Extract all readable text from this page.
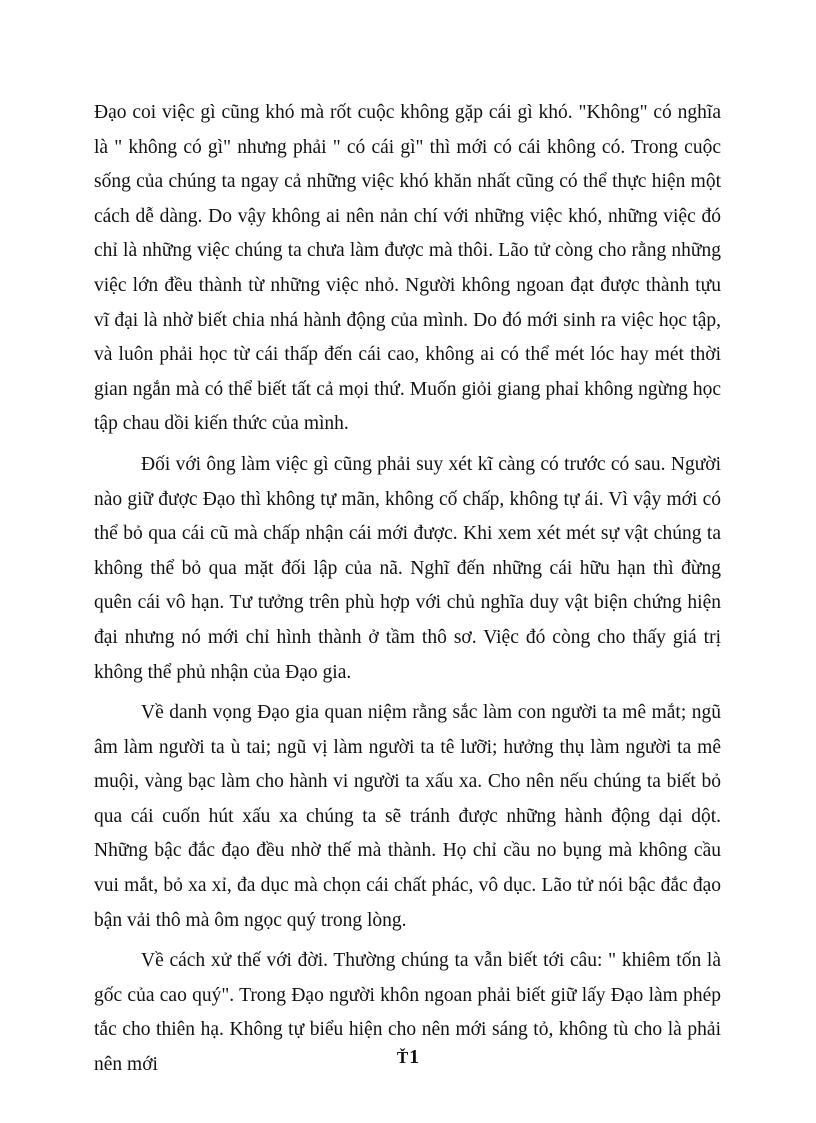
Đạo coi việc gì cũng khó mà rốt cuộc không gặp cái gì khó. "Không" có nghĩa là " không có gì" nhưng phải " có cái gì" thì mới có cái không có. Trong cuộc sống của chúng ta ngay cả những việc khó khăn nhất cũng có thể thực hiện một cách dễ dàng. Do vậy không ai nên nản chí với những việc khó, những việc đó chỉ là những việc chúng ta chưa làm được mà thôi. Lão tử còng cho rằng những việc lớn đều thành từ những việc nhỏ. Người không ngoan đạt được thành tựu vĩ đại là nhờ biết chia nhá hành động của mình. Do đó mới sinh ra việc học tập, và luôn phải học từ cái thấp đến cái cao, không ai có thể mét lóc hay mét thời gian ngắn mà có thể biết tất cả mọi thứ. Muốn giỏi giang phaỉ không ngừng học tập chau dồi kiến thức của mình.

Đối với ông làm việc gì cũng phải suy xét kĩ càng có trước có sau. Người nào giữ được Đạo thì không tự mãn, không cố chấp, không tự ái. Vì vậy mới có thể bỏ qua cái cũ mà chấp nhận cái mới được. Khi xem xét mét sự vật chúng ta không thể bỏ qua mặt đối lập của nã. Nghĩ đến những cái hữu hạn thì đừng quên cái vô hạn. Tư tưởng trên phù hợp với chủ nghĩa duy vật biện chứng hiện đại nhưng nó mới chỉ hình thành ở tầm thô sơ. Việc đó còng cho thấy giá trị không thể phủ nhận của Đạo gia.

Về danh vọng Đạo gia quan niệm rằng sắc làm con người ta mê mắt; ngũ âm làm người ta ù tai; ngũ vị làm người ta tê lưỡi; hưởng thụ làm người ta mê muội, vàng bạc làm cho hành vi người ta xấu xa. Cho nên nếu chúng ta biết bỏ qua cái cuốn hút xấu xa chúng ta sẽ tránh được những hành động dại dột. Những bậc đắc đạo đều nhờ thế mà thành. Họ chỉ cầu no bụng mà không cầu vui mắt, bỏ xa xỉ, đa dục mà chọn cái chất phác, vô dục. Lão tử nói bậc đắc đạo bận vải thô mà ôm ngọc quý trong lòng.

Về cách xử thế với đời. Thường chúng ta vẫn biết tới câu: " khiêm tốn là gốc của cao quý". Trong Đạo người khôn ngoan phải biết giữ lấy Đạo làm phép tắc cho thiên hạ. Không tự biểu hiện cho nên mới sáng tỏ, không tù cho là phải nên mới	Ť1
